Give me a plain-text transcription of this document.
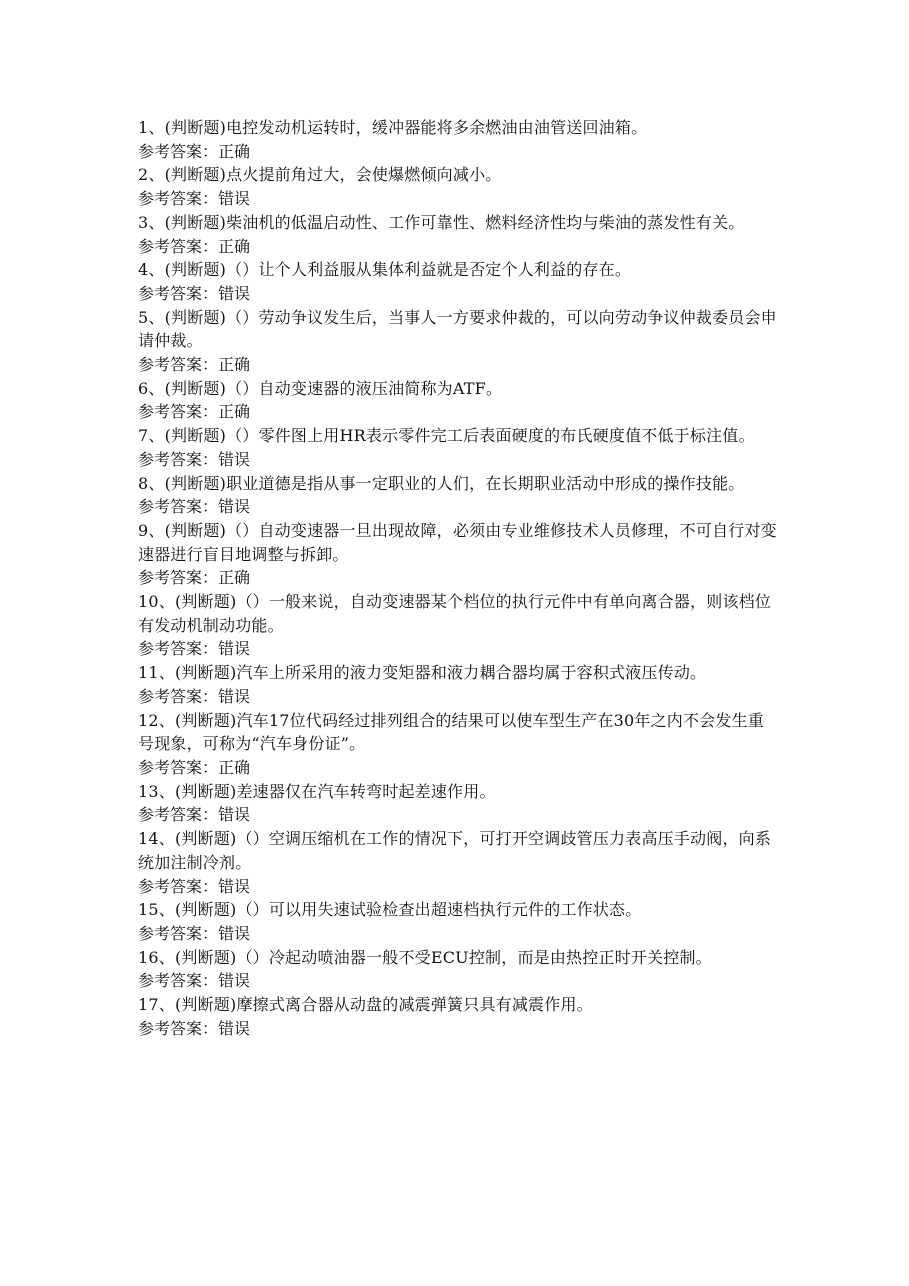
1、(判断题)电控发动机运转时，缓冲器能将多余燃油由油管送回油箱。

参考答案：正确

2、(判断题)点火提前角过大，会使爆燃倾向减小。

参考答案：错误

3、(判断题)柴油机的低温启动性、工作可靠性、燃料经济性均与柴油的蒸发性有关。

参考答案：正确

4、(判断题)（）让个人利益服从集体利益就是否定个人利益的存在。

参考答案：错误

5、(判断题)（）劳动争议发生后，当事人一方要求仲裁的，可以向劳动争议仲裁委员会申请仲裁。

参考答案：正确

6、(判断题)（）自动变速器的液压油简称为ATF。

参考答案：正确

7、(判断题)（）零件图上用HR表示零件完工后表面硬度的布氏硬度值不低于标注值。

参考答案：错误

8、(判断题)职业道德是指从事一定职业的人们，在长期职业活动中形成的操作技能。

参考答案：错误

9、(判断题)（）自动变速器一旦出现故障，必须由专业维修技术人员修理，不可自行对变速器进行盲目地调整与拆卸。

参考答案：正确

10、(判断题)（）一般来说，自动变速器某个档位的执行元件中有单向离合器，则该档位有发动机制动功能。

参考答案：错误

11、(判断题)汽车上所采用的液力变矩器和液力耦合器均属于容积式液压传动。

参考答案：错误

12、(判断题)汽车17位代码经过排列组合的结果可以使车型生产在30年之内不会发生重号现象，可称为“汽车身份证”。

参考答案：正确

13、(判断题)差速器仅在汽车转弯时起差速作用。

参考答案：错误

14、(判断题)（）空调压缩机在工作的情况下，可打开空调歧管压力表高压手动阀，向系统加注制冷剂。

参考答案：错误

15、(判断题)（）可以用失速试验检查出超速档执行元件的工作状态。

参考答案：错误

16、(判断题)（）冷起动喷油器一般不受ECU控制，而是由热控正时开关控制。

参考答案：错误

17、(判断题)摩擦式离合器从动盘的减震弹簧只具有减震作用。

参考答案：错误
